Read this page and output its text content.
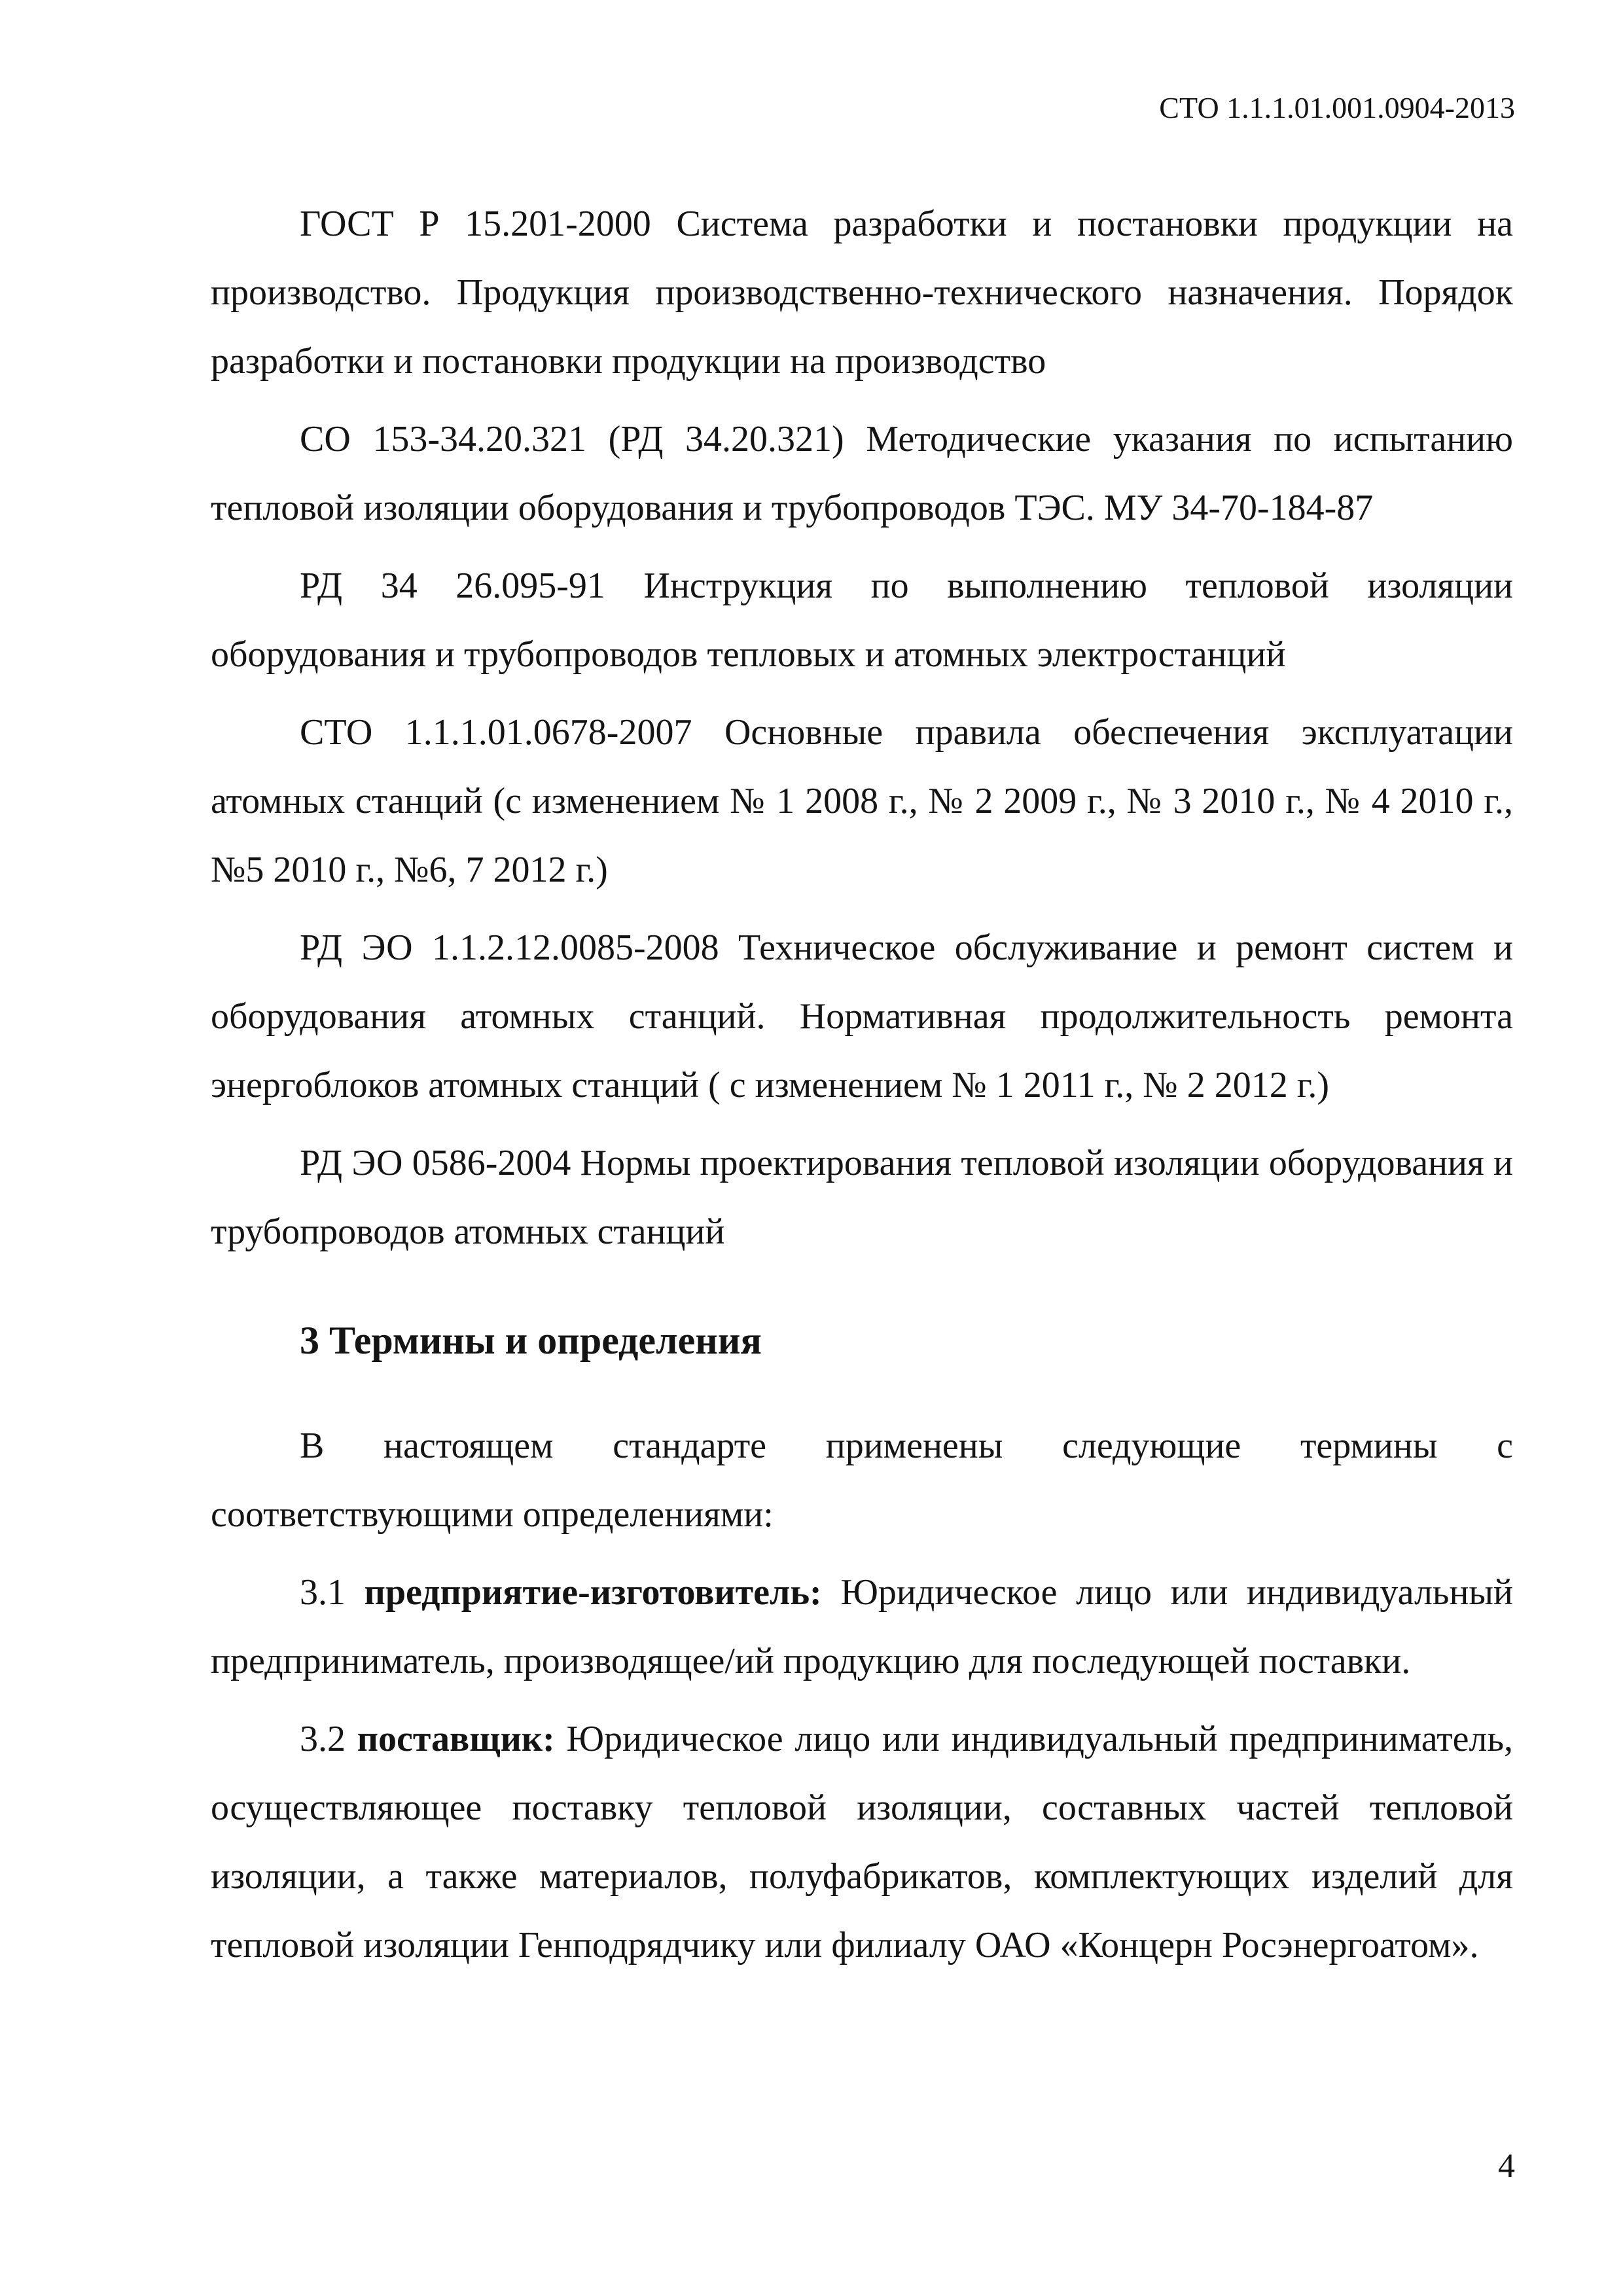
СТО 1.1.1.01.001.0904-2013

ГОСТ Р 15.201-2000 Система разработки и постановки продукции на производство. Продукция производственно-технического назначения. Порядок разработки и постановки продукции на производство

СО 153-34.20.321 (РД 34.20.321) Методические указания по испытанию тепловой изоляции оборудования и трубопроводов ТЭС. МУ 34-70-184-87

РД 34 26.095-91 Инструкция по выполнению тепловой изоляции оборудования и трубопроводов тепловых и атомных электростанций

СТО 1.1.1.01.0678-2007 Основные правила обеспечения эксплуатации атомных станций (с изменением № 1 2008 г., № 2 2009 г., № 3 2010 г., № 4 2010 г., №5 2010 г., №6, 7 2012 г.)

РД ЭО 1.1.2.12.0085-2008 Техническое обслуживание и ремонт систем и оборудования атомных станций. Нормативная продолжительность ремонта энергоблоков атомных станций ( с изменением № 1 2011 г., № 2 2012 г.)

РД ЭО 0586-2004 Нормы проектирования тепловой изоляции оборудования и трубопроводов атомных станций

3 Термины и определения

В настоящем стандарте применены следующие термины с соответствующими определениями:

3.1 предприятие-изготовитель: Юридическое лицо или индивидуальный предприниматель, производящее/ий продукцию для последующей поставки.

3.2 поставщик: Юридическое лицо или индивидуальный предприниматель, осуществляющее поставку тепловой изоляции, составных частей тепловой изоляции, а также материалов, полуфабрикатов, комплектующих изделий для тепловой изоляции Генподрядчику или филиалу ОАО «Концерн Росэнергоатом».

4
